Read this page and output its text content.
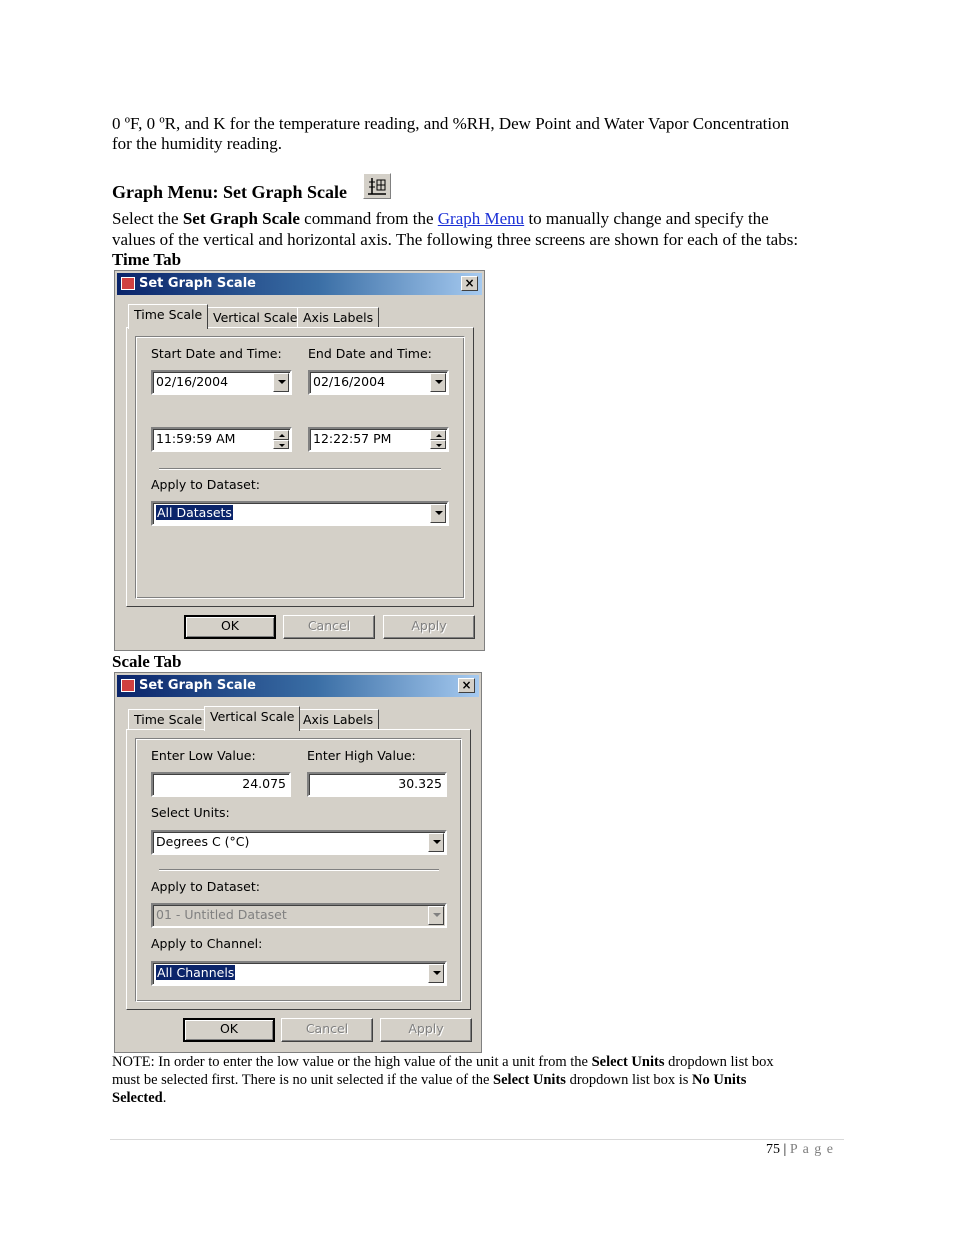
0 ºF, 0 ºR, and K for the temperature reading, and %RH, Dew Point and Water Vapor Concentration
for the humidity reading.
Graph Menu: Set Graph Scale
Select the Set Graph Scale command from the Graph Menu to manually change and specify the
values of the vertical and horizontal axis. The following three screens are shown for each of the tabs:
Time Tab
Set Graph Scale	×
Time Scale Vertical Scale Axis Labels
Start Date and Time: End Date and Time:
02/16/2004	02/16/2004
11:59:59 AM	12:22:57 PM
Apply to Dataset:
All Datasets
OK	Cancel	Apply
Scale Tab
Set Graph Scale	×
Time Scale Vertical Scale Axis Labels
Enter Low Value:	Enter High Value:
24.075	30.325
Select Units:
Degrees C (°C)
Apply to Dataset:
01 - Untitled Dataset
Apply to Channel:
All Channels
OK	Cancel	Apply
NOTE: In order to enter the low value or the high value of the unit a unit from the Select Units dropdown list box
must be selected first. There is no unit selected if the value of the Select Units dropdown list box is No Units
Selected.
75 | P a g e
